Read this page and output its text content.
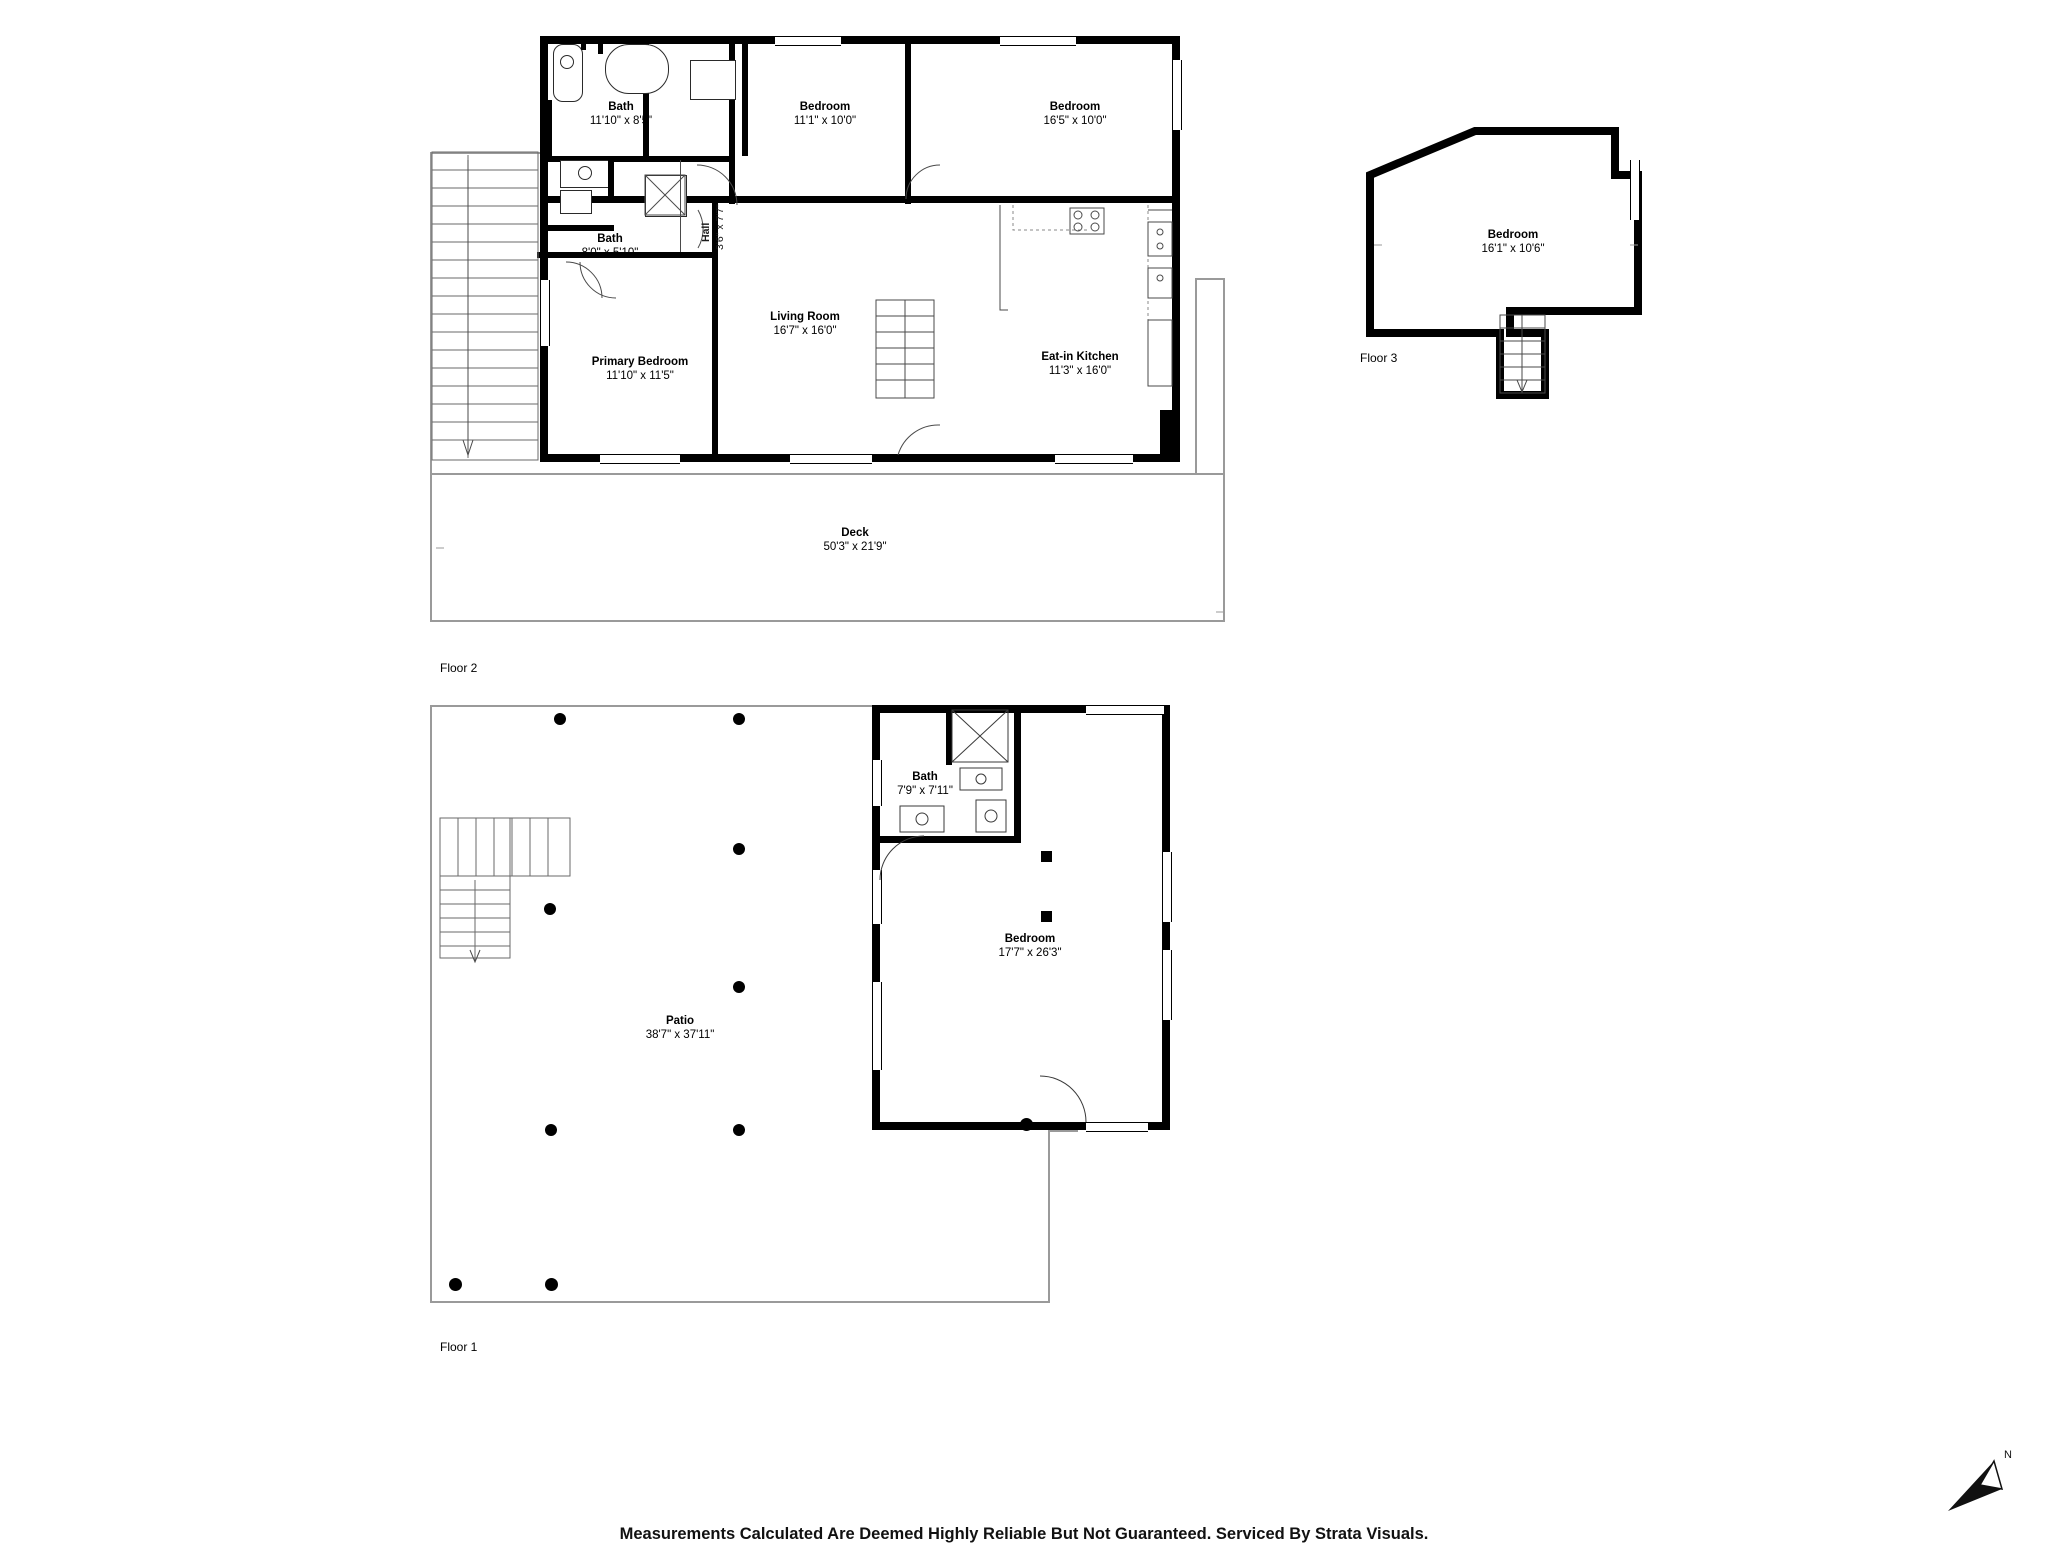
Bath
11'10" x 8'5"
Bedroom
11'1" x 10'0"
Bedroom
16'5" x 10'0"
Bath
8'0" x 5'10"
Hall 3'6" x 7'7"
Primary Bedroom
11'10" x 11'5"
Living Room
16'7" x 16'0"
Eat-in Kitchen
11'3" x 16'0"
Deck
50'3" x 21'9"
Floor 2
Bedroom
16'1" x 10'6"
Floor 3
Bath
7'9" x 7'11"
Bedroom
17'7" x 26'3"
Patio
38'7" x 37'11"
Floor 1
Measurements Calculated Are Deemed Highly Reliable But Not Guaranteed. Serviced By Strata Visuals.
N
